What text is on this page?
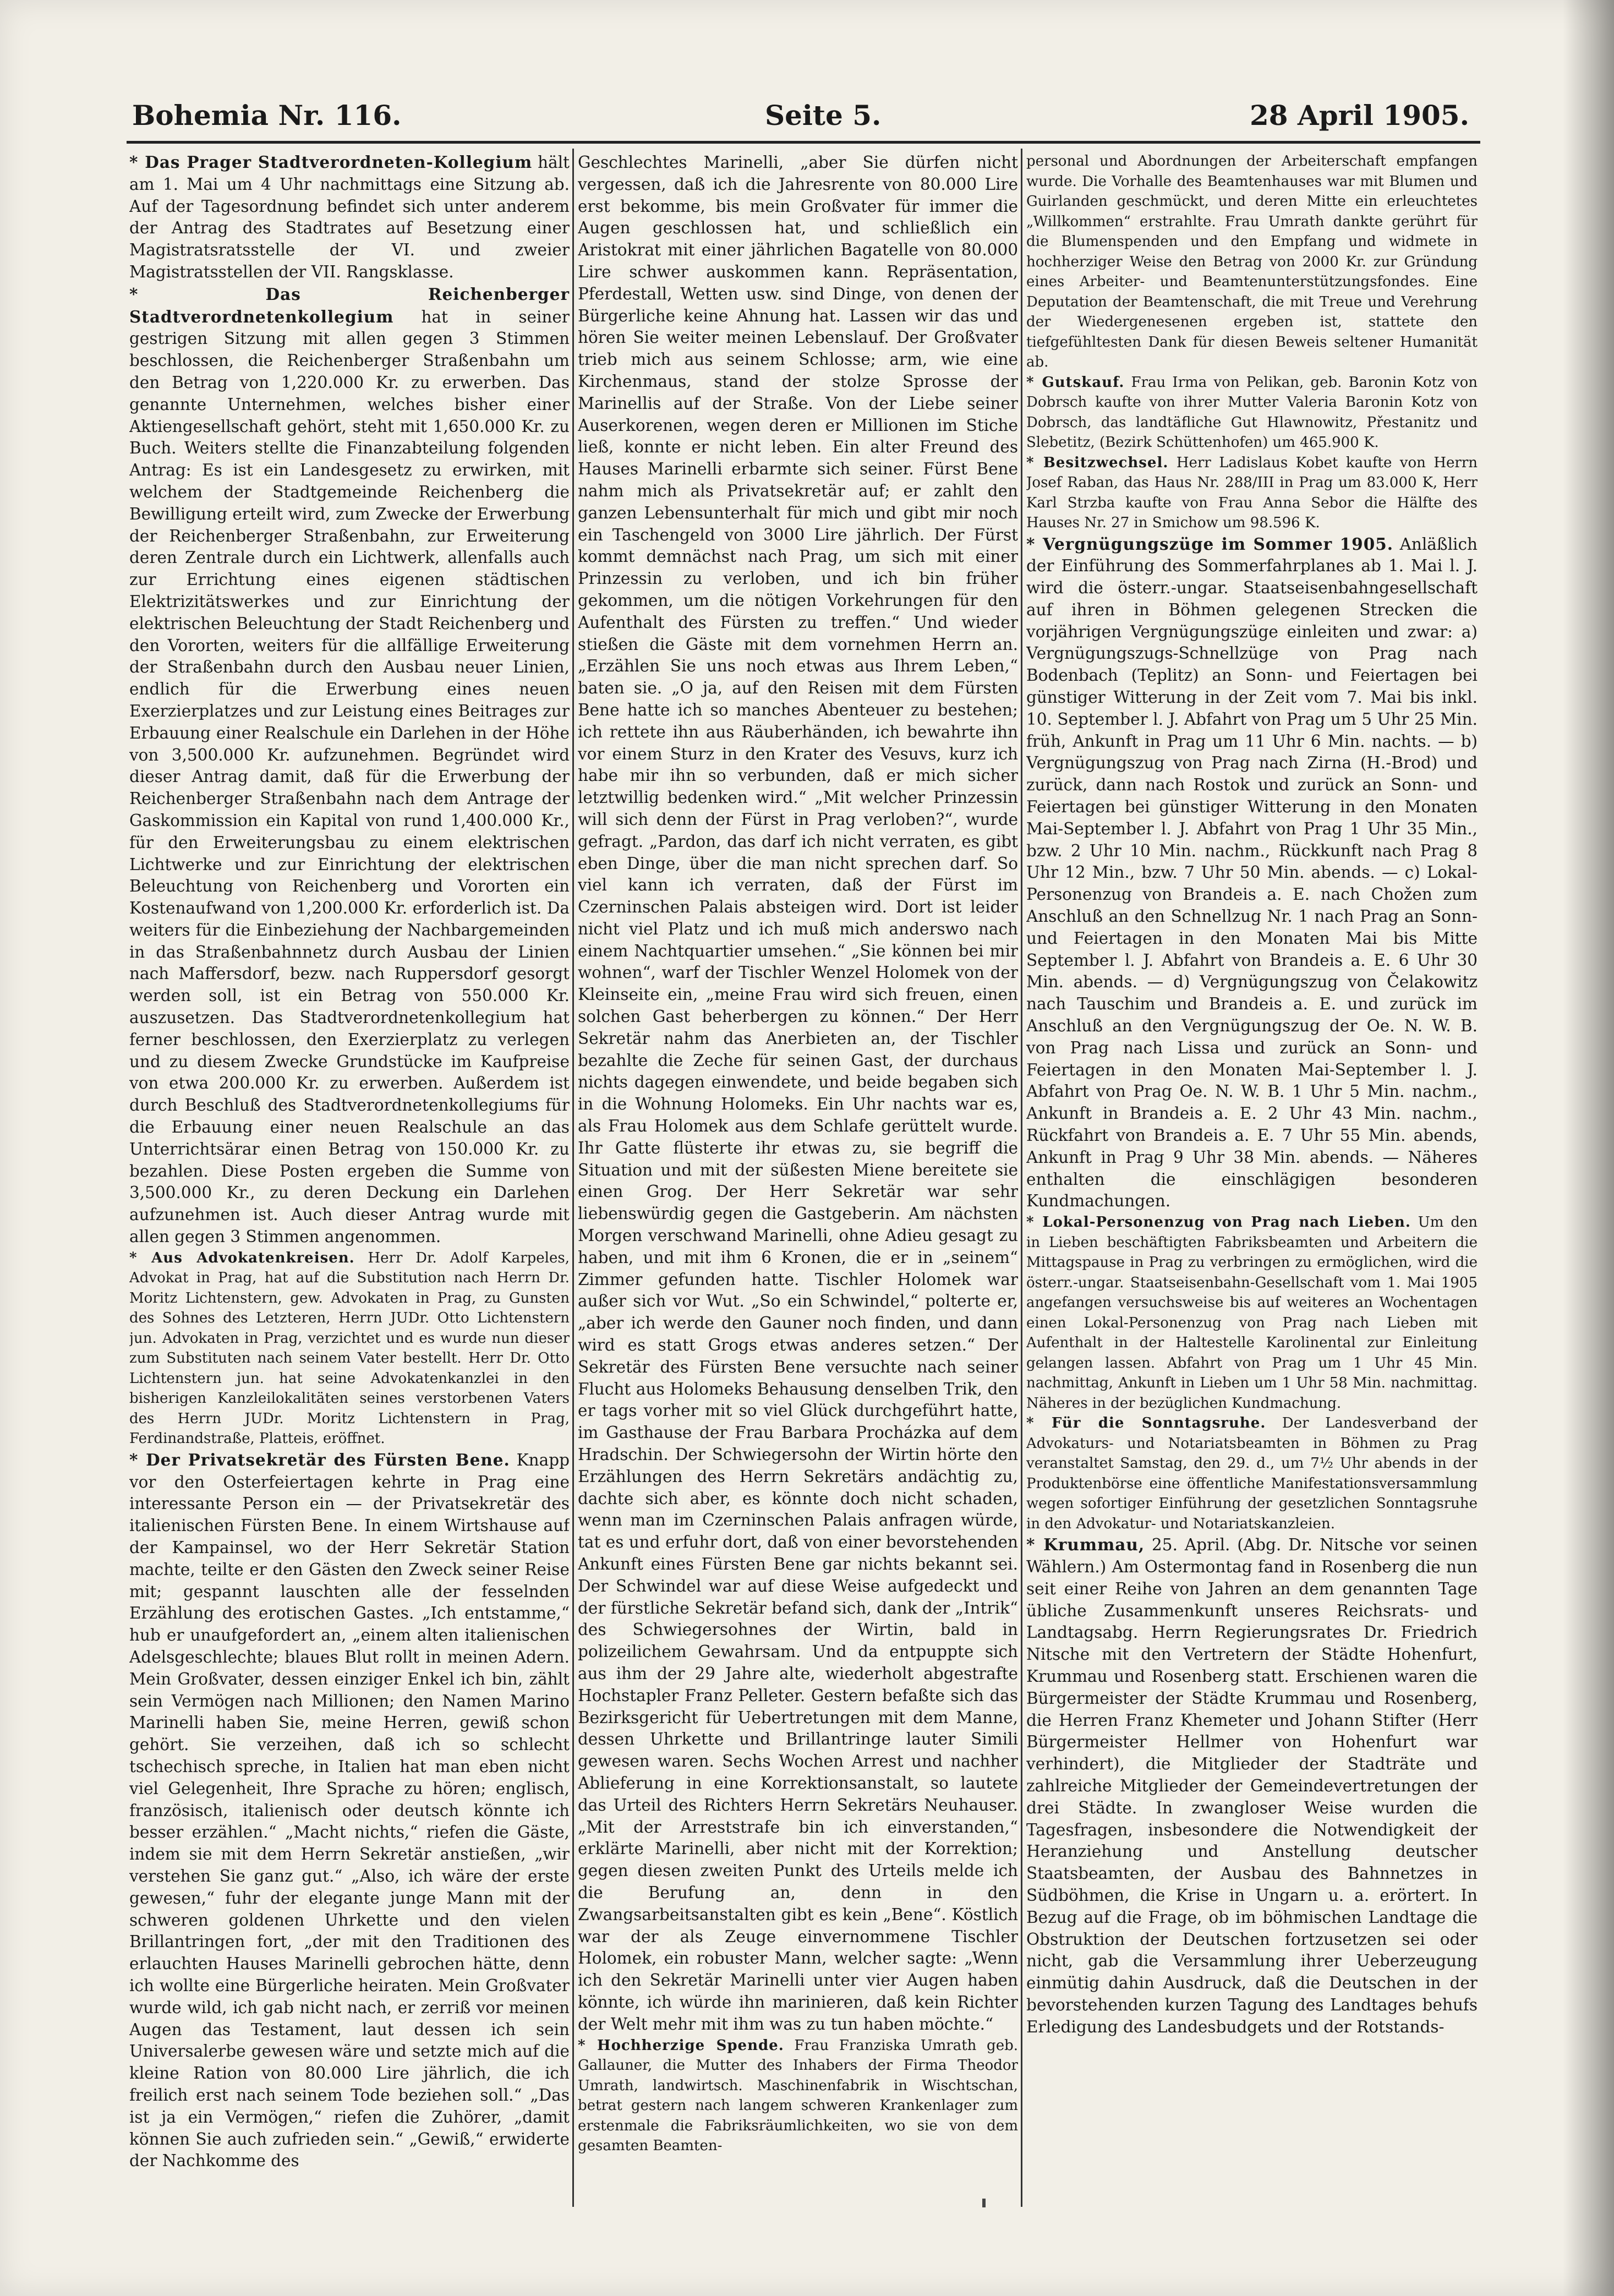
Bohemia Nr. 116.	Seite 5.	28 April 1905.

* Das Prager Stadtverordneten-Kollegium hält am 1. Mai um 4 Uhr nachmittags eine Sitzung ab. Auf der Tagesordnung befindet sich unter anderem der Antrag des Stadtrates auf Besetzung einer Magistratsratsstelle der VI. und zweier Magistratsstellen der VII. Rangsklasse.

* Das Reichenberger Stadtverordnetenkollegium hat in seiner gestrigen Sitzung mit allen gegen 3 Stimmen beschlossen, die Reichenberger Straßenbahn um den Betrag von 1,220.000 Kr. zu erwerben. Das genannte Unternehmen, welches bisher einer Aktiengesellschaft gehört, steht mit 1,650.000 Kr. zu Buch. Weiters stellte die Finanzabteilung folgenden Antrag: Es ist ein Landesgesetz zu erwirken, mit welchem der Stadtgemeinde Reichenberg die Bewilligung erteilt wird, zum Zwecke der Erwerbung der Reichenberger Straßenbahn, zur Erweiterung deren Zentrale durch ein Lichtwerk, allenfalls auch zur Errichtung eines eigenen städtischen Elektrizitätswerkes und zur Einrichtung der elektrischen Beleuchtung der Stadt Reichenberg und den Vororten, weiters für die allfällige Erweiterung der Straßenbahn durch den Ausbau neuer Linien, endlich für die Erwerbung eines neuen Exerzierplatzes und zur Leistung eines Beitrages zur Erbauung einer Realschule ein Darlehen in der Höhe von 3,500.000 Kr. aufzunehmen. Begründet wird dieser Antrag damit, daß für die Erwerbung der Reichenberger Straßenbahn nach dem Antrage der Gaskommission ein Kapital von rund 1,400.000 Kr., für den Erweiterungsbau zu einem elektrischen Lichtwerke und zur Einrichtung der elektrischen Beleuchtung von Reichenberg und Vororten ein Kostenaufwand von 1,200.000 Kr. erforderlich ist. Da weiters für die Einbeziehung der Nachbargemeinden in das Straßenbahnnetz durch Ausbau der Linien nach Maffersdorf, bezw. nach Ruppersdorf gesorgt werden soll, ist ein Betrag von 550.000 Kr. auszusetzen. Das Stadtverordnetenkollegium hat ferner beschlossen, den Exerzierplatz zu verlegen und zu diesem Zwecke Grundstücke im Kaufpreise von etwa 200.000 Kr. zu erwerben. Außerdem ist durch Beschluß des Stadtverordnetenkollegiums für die Erbauung einer neuen Realschule an das Unterrichtsärar einen Betrag von 150.000 Kr. zu bezahlen. Diese Posten ergeben die Summe von 3,500.000 Kr., zu deren Deckung ein Darlehen aufzunehmen ist. Auch dieser Antrag wurde mit allen gegen 3 Stimmen angenommen.

* Aus Advokatenkreisen. Herr Dr. Adolf Karpeles, Advokat in Prag, hat auf die Substitution nach Herrn Dr. Moritz Lichtenstern, gew. Advokaten in Prag, zu Gunsten des Sohnes des Letzteren, Herrn JUDr. Otto Lichtenstern jun. Advokaten in Prag, verzichtet und es wurde nun dieser zum Substituten nach seinem Vater bestellt. Herr Dr. Otto Lichtenstern jun. hat seine Advokatenkanzlei in den bisherigen Kanzleilokalitäten seines verstorbenen Vaters des Herrn JUDr. Moritz Lichtenstern in Prag, Ferdinandstraße, Platteis, eröffnet.

* Der Privatsekretär des Fürsten Bene. Knapp vor den Osterfeiertagen kehrte in Prag eine interessante Person ein — der Privatsekretär des italienischen Fürsten Bene. In einem Wirtshause auf der Kampainsel, wo der Herr Sekretär Station machte, teilte er den Gästen den Zweck seiner Reise mit; gespannt lauschten alle der fesselnden Erzählung des erotischen Gastes. „Ich entstamme,“ hub er unaufgefordert an, „einem alten italienischen Adelsgeschlechte; blaues Blut rollt in meinen Adern. Mein Großvater, dessen einziger Enkel ich bin, zählt sein Vermögen nach Millionen; den Namen Marino Marinelli haben Sie, meine Herren, gewiß schon gehört. Sie verzeihen, daß ich so schlecht tschechisch spreche, in Italien hat man eben nicht viel Gelegenheit, Ihre Sprache zu hören; englisch, französisch, italienisch oder deutsch könnte ich besser erzählen.“ „Macht nichts,“ riefen die Gäste, indem sie mit dem Herrn Sekretär anstießen, „wir verstehen Sie ganz gut.“ „Also, ich wäre der erste gewesen,“ fuhr der elegante junge Mann mit der schweren goldenen Uhrkette und den vielen Brillantringen fort, „der mit den Traditionen des erlauchten Hauses Marinelli gebrochen hätte, denn ich wollte eine Bürgerliche heiraten. Mein Großvater wurde wild, ich gab nicht nach, er zerriß vor meinen Augen das Testament, laut dessen ich sein Universalerbe gewesen wäre und setzte mich auf die kleine Ration von 80.000 Lire jährlich, die ich freilich erst nach seinem Tode beziehen soll.“ „Das ist ja ein Vermögen,“ riefen die Zuhörer, „damit können Sie auch zufrieden sein.“ „Gewiß,“ erwiderte der Nachkomme des

Geschlechtes Marinelli, „aber Sie dürfen nicht vergessen, daß ich die Jahresrente von 80.000 Lire erst bekomme, bis mein Großvater für immer die Augen geschlossen hat, und schließlich ein Aristokrat mit einer jährlichen Bagatelle von 80.000 Lire schwer auskommen kann. Repräsentation, Pferdestall, Wetten usw. sind Dinge, von denen der Bürgerliche keine Ahnung hat. Lassen wir das und hören Sie weiter meinen Lebenslauf. Der Großvater trieb mich aus seinem Schlosse; arm, wie eine Kirchenmaus, stand der stolze Sprosse der Marinellis auf der Straße. Von der Liebe seiner Auserkorenen, wegen deren er Millionen im Stiche ließ, konnte er nicht leben. Ein alter Freund des Hauses Marinelli erbarmte sich seiner. Fürst Bene nahm mich als Privatsekretär auf; er zahlt den ganzen Lebensunterhalt für mich und gibt mir noch ein Taschengeld von 3000 Lire jährlich. Der Fürst kommt demnächst nach Prag, um sich mit einer Prinzessin zu verloben, und ich bin früher gekommen, um die nötigen Vorkehrungen für den Aufenthalt des Fürsten zu treffen.“ Und wieder stießen die Gäste mit dem vornehmen Herrn an. „Erzählen Sie uns noch etwas aus Ihrem Leben,“ baten sie. „O ja, auf den Reisen mit dem Fürsten Bene hatte ich so manches Abenteuer zu bestehen; ich rettete ihn aus Räuberhänden, ich bewahrte ihn vor einem Sturz in den Krater des Vesuvs, kurz ich habe mir ihn so verbunden, daß er mich sicher letztwillig bedenken wird.“ „Mit welcher Prinzessin will sich denn der Fürst in Prag verloben?“, wurde gefragt. „Pardon, das darf ich nicht verraten, es gibt eben Dinge, über die man nicht sprechen darf. So viel kann ich verraten, daß der Fürst im Czerninschen Palais absteigen wird. Dort ist leider nicht viel Platz und ich muß mich anderswo nach einem Nachtquartier umsehen.“ „Sie können bei mir wohnen“, warf der Tischler Wenzel Holomek von der Kleinseite ein, „meine Frau wird sich freuen, einen solchen Gast beherbergen zu können.“ Der Herr Sekretär nahm das Anerbieten an, der Tischler bezahlte die Zeche für seinen Gast, der durchaus nichts dagegen einwendete, und beide begaben sich in die Wohnung Holomeks. Ein Uhr nachts war es, als Frau Holomek aus dem Schlafe gerüttelt wurde. Ihr Gatte flüsterte ihr etwas zu, sie begriff die Situation und mit der süßesten Miene bereitete sie einen Grog. Der Herr Sekretär war sehr liebenswürdig gegen die Gastgeberin. Am nächsten Morgen verschwand Marinelli, ohne Adieu gesagt zu haben, und mit ihm 6 Kronen, die er in „seinem“ Zimmer gefunden hatte. Tischler Holomek war außer sich vor Wut. „So ein Schwindel,“ polterte er, „aber ich werde den Gauner noch finden, und dann wird es statt Grogs etwas anderes setzen.“ Der Sekretär des Fürsten Bene versuchte nach seiner Flucht aus Holomeks Behausung denselben Trik, den er tags vorher mit so viel Glück durchgeführt hatte, im Gasthause der Frau Barbara Procházka auf dem Hradschin. Der Schwiegersohn der Wirtin hörte den Erzählungen des Herrn Sekretärs andächtig zu, dachte sich aber, es könnte doch nicht schaden, wenn man im Czerninschen Palais anfragen würde, tat es und erfuhr dort, daß von einer bevorstehenden Ankunft eines Fürsten Bene gar nichts bekannt sei. Der Schwindel war auf diese Weise aufgedeckt und der fürstliche Sekretär befand sich, dank der „Intrik“ des Schwiegersohnes der Wirtin, bald in polizeilichem Gewahrsam. Und da entpuppte sich aus ihm der 29 Jahre alte, wiederholt abgestrafte Hochstapler Franz Pelleter. Gestern befaßte sich das Bezirksgericht für Uebertretungen mit dem Manne, dessen Uhrkette und Brillantringe lauter Simili gewesen waren. Sechs Wochen Arrest und nachher Ablieferung in eine Korrektionsanstalt, so lautete das Urteil des Richters Herrn Sekretärs Neuhauser. „Mit der Arreststrafe bin ich einverstanden,“ erklärte Marinelli, aber nicht mit der Korrektion; gegen diesen zweiten Punkt des Urteils melde ich die Berufung an, denn in den Zwangsarbeitsanstalten gibt es kein „Bene“. Köstlich war der als Zeuge einvernommene Tischler Holomek, ein robuster Mann, welcher sagte: „Wenn ich den Sekretär Marinelli unter vier Augen haben könnte, ich würde ihn marinieren, daß kein Richter der Welt mehr mit ihm was zu tun haben möchte.“

* Hochherzige Spende. Frau Franziska Umrath geb. Gallauner, die Mutter des Inhabers der Firma Theodor Umrath, landwirtsch. Maschinenfabrik in Wischtschan, betrat gestern nach langem schweren Krankenlager zum erstenmale die Fabriksräumlichkeiten, wo sie von dem gesamten Beamten-

personal und Abordnungen der Arbeiterschaft empfangen wurde. Die Vorhalle des Beamtenhauses war mit Blumen und Guirlanden geschmückt, und deren Mitte ein erleuchtetes „Willkommen“ erstrahlte. Frau Umrath dankte gerührt für die Blumenspenden und den Empfang und widmete in hochherziger Weise den Betrag von 2000 Kr. zur Gründung eines Arbeiter- und Beamtenunterstützungsfondes. Eine Deputation der Beamtenschaft, die mit Treue und Verehrung der Wiedergenesenen ergeben ist, stattete den tiefgefühltesten Dank für diesen Beweis seltener Humanität ab.

* Gutskauf. Frau Irma von Pelikan, geb. Baronin Kotz von Dobrsch kaufte von ihrer Mutter Valeria Baronin Kotz von Dobrsch, das landtäfliche Gut Hlawnowitz, Přestanitz und Slebetitz, (Bezirk Schüttenhofen) um 465.900 K.

* Besitzwechsel. Herr Ladislaus Kobet kaufte von Herrn Josef Raban, das Haus Nr. 288/III in Prag um 83.000 K, Herr Karl Strzba kaufte von Frau Anna Sebor die Hälfte des Hauses Nr. 27 in Smichow um 98.596 K.

* Vergnügungszüge im Sommer 1905. Anläßlich der Einführung des Sommerfahrplanes ab 1. Mai l. J. wird die österr.-ungar. Staatseisenbahngesellschaft auf ihren in Böhmen gelegenen Strecken die vorjährigen Vergnügungszüge einleiten und zwar: a) Vergnügungszugs-Schnellzüge von Prag nach Bodenbach (Teplitz) an Sonn- und Feiertagen bei günstiger Witterung in der Zeit vom 7. Mai bis inkl. 10. September l. J. Abfahrt von Prag um 5 Uhr 25 Min. früh, Ankunft in Prag um 11 Uhr 6 Min. nachts. — b) Vergnügungszug von Prag nach Zirna (H.-Brod) und zurück, dann nach Rostok und zurück an Sonn- und Feiertagen bei günstiger Witterung in den Monaten Mai-September l. J. Abfahrt von Prag 1 Uhr 35 Min., bzw. 2 Uhr 10 Min. nachm., Rückkunft nach Prag 8 Uhr 12 Min., bzw. 7 Uhr 50 Min. abends. — c) Lokal-Personenzug von Brandeis a. E. nach Chožen zum Anschluß an den Schnellzug Nr. 1 nach Prag an Sonn- und Feiertagen in den Monaten Mai bis Mitte September l. J. Abfahrt von Brandeis a. E. 6 Uhr 30 Min. abends. — d) Vergnügungszug von Čelakowitz nach Tauschim und Brandeis a. E. und zurück im Anschluß an den Vergnügungszug der Oe. N. W. B. von Prag nach Lissa und zurück an Sonn- und Feiertagen in den Monaten Mai-September l. J. Abfahrt von Prag Oe. N. W. B. 1 Uhr 5 Min. nachm., Ankunft in Brandeis a. E. 2 Uhr 43 Min. nachm., Rückfahrt von Brandeis a. E. 7 Uhr 55 Min. abends, Ankunft in Prag 9 Uhr 38 Min. abends. — Näheres enthalten die einschlägigen besonderen Kundmachungen.

* Lokal-Personenzug von Prag nach Lieben. Um den in Lieben beschäftigten Fabriksbeamten und Arbeitern die Mittagspause in Prag zu verbringen zu ermöglichen, wird die österr.-ungar. Staatseisenbahn-Gesellschaft vom 1. Mai 1905 angefangen versuchsweise bis auf weiteres an Wochentagen einen Lokal-Personenzug von Prag nach Lieben mit Aufenthalt in der Haltestelle Karolinental zur Einleitung gelangen lassen. Abfahrt von Prag um 1 Uhr 45 Min. nachmittag, Ankunft in Lieben um 1 Uhr 58 Min. nachmittag. Näheres in der bezüglichen Kundmachung.

* Für die Sonntagsruhe. Der Landesverband der Advokaturs- und Notariatsbeamten in Böhmen zu Prag veranstaltet Samstag, den 29. d., um 7½ Uhr abends in der Produktenbörse eine öffentliche Manifestationsversammlung wegen sofortiger Einführung der gesetzlichen Sonntagsruhe in den Advokatur- und Notariatskanzleien.

* Krummau, 25. April. (Abg. Dr. Nitsche vor seinen Wählern.) Am Ostermontag fand in Rosenberg die nun seit einer Reihe von Jahren an dem genannten Tage übliche Zusammenkunft unseres Reichsrats- und Landtagsabg. Herrn Regierungsrates Dr. Friedrich Nitsche mit den Vertretern der Städte Hohenfurt, Krummau und Rosenberg statt. Erschienen waren die Bürgermeister der Städte Krummau und Rosenberg, die Herren Franz Khemeter und Johann Stifter (Herr Bürgermeister Hellmer von Hohenfurt war verhindert), die Mitglieder der Stadträte und zahlreiche Mitglieder der Gemeindevertretungen der drei Städte. In zwangloser Weise wurden die Tagesfragen, insbesondere die Notwendigkeit der Heranziehung und Anstellung deutscher Staatsbeamten, der Ausbau des Bahnnetzes in Südböhmen, die Krise in Ungarn u. a. erörtert. In Bezug auf die Frage, ob im böhmischen Landtage die Obstruktion der Deutschen fortzusetzen sei oder nicht, gab die Versammlung ihrer Ueberzeugung einmütig dahin Ausdruck, daß die Deutschen in der bevorstehenden kurzen Tagung des Landtages behufs Erledigung des Landesbudgets und der Rotstands-
